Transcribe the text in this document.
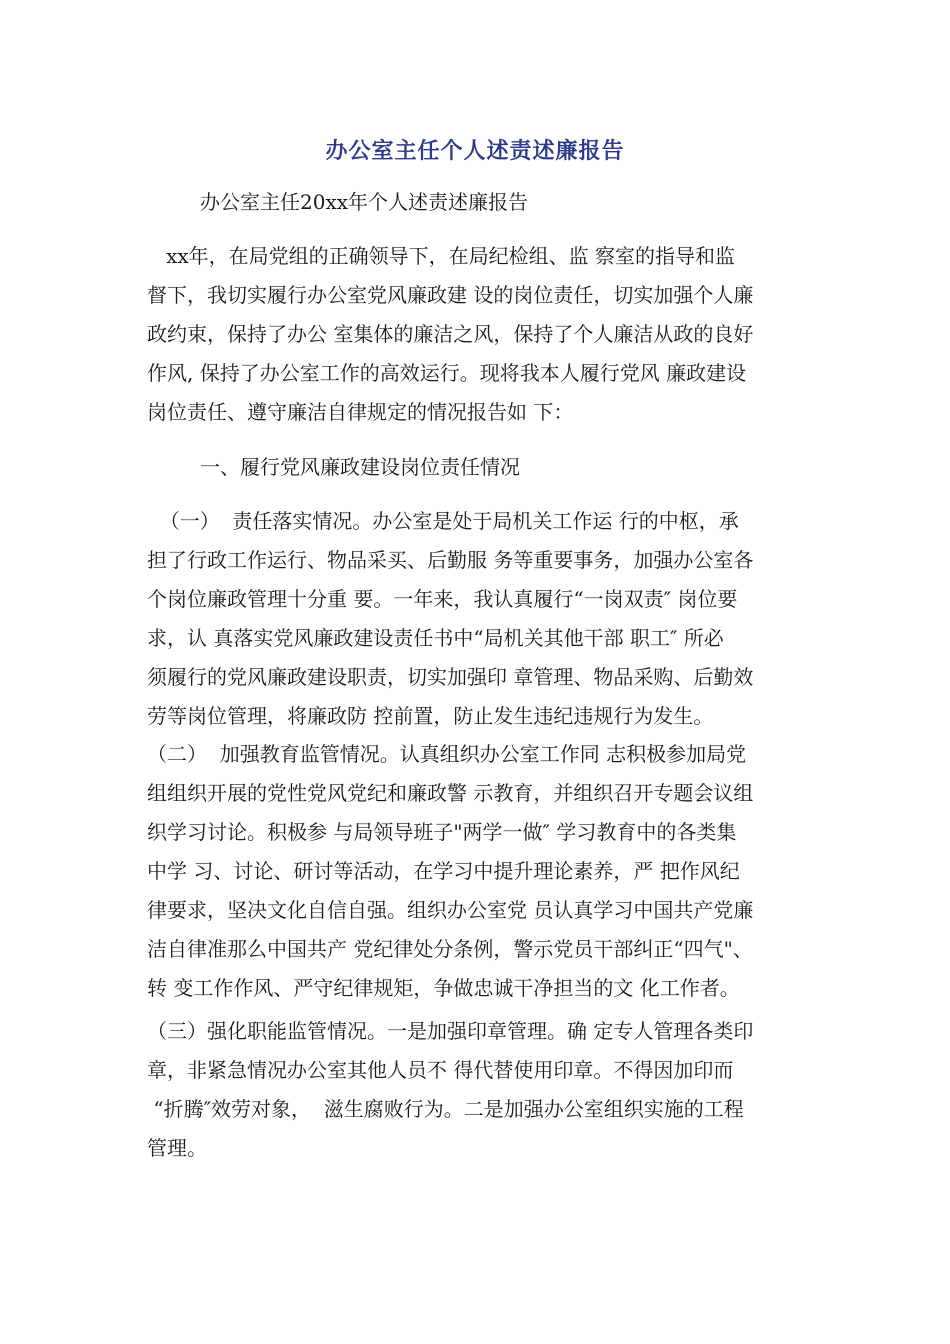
办公室主任个人述责述廉报告
办公室主任20xx年个人述责述廉报告
xx年，在局党组的正确领导下，在局纪检组、监 察室的指导和监
督下，我切实履行办公室党风廉政建 设的岗位责任，切实加强个人廉
政约束，保持了办公 室集体的廉洁之风，保持了个人廉洁从政的良好
作风, 保持了办公室工作的高效运行。现将我本人履行党风 廉政建设
岗位责任、遵守廉洁自律规定的情况报告如 下：
一、履行党风廉政建设岗位责任情况
（一）  责任落实情况。办公室是处于局机关工作运 行的中枢，承
担了行政工作运行、物品采买、后勤服 务等重要事务，加强办公室各
个岗位廉政管理十分重 要。一年来，我认真履行“一岗双责″ 岗位要
求，认 真落实党风廉政建设责任书中“局机关其他干部 职工″ 所必
须履行的党风廉政建设职责，切实加强印 章管理、物品采购、后勤效
劳等岗位管理，将廉政防 控前置，防止发生违纪违规行为发生。
（二）  加强教育监管情况。认真组织办公室工作同 志积极参加局党
组组织开展的党性党风党纪和廉政警 示教育，并组织召开专题会议组
织学习讨论。积极参 与局领导班子"两学一做″ 学习教育中的各类集
中学 习、讨论、研讨等活动，在学习中提升理论素养，严 把作风纪
律要求，坚决文化自信自强。组织办公室党 员认真学习中国共产党廉
洁自律准那么中国共产 党纪律处分条例，警示党员干部纠正“四气"、
转 变工作作风、严守纪律规矩，争做忠诚干净担当的文 化工作者。
（三）强化职能监管情况。一是加强印章管理。确 定专人管理各类印
章，非紧急情况办公室其他人员不 得代替使用印章。不得因加印而
“折腾″效劳对象，  滋生腐败行为。二是加强办公室组织实施的工程
管理。
